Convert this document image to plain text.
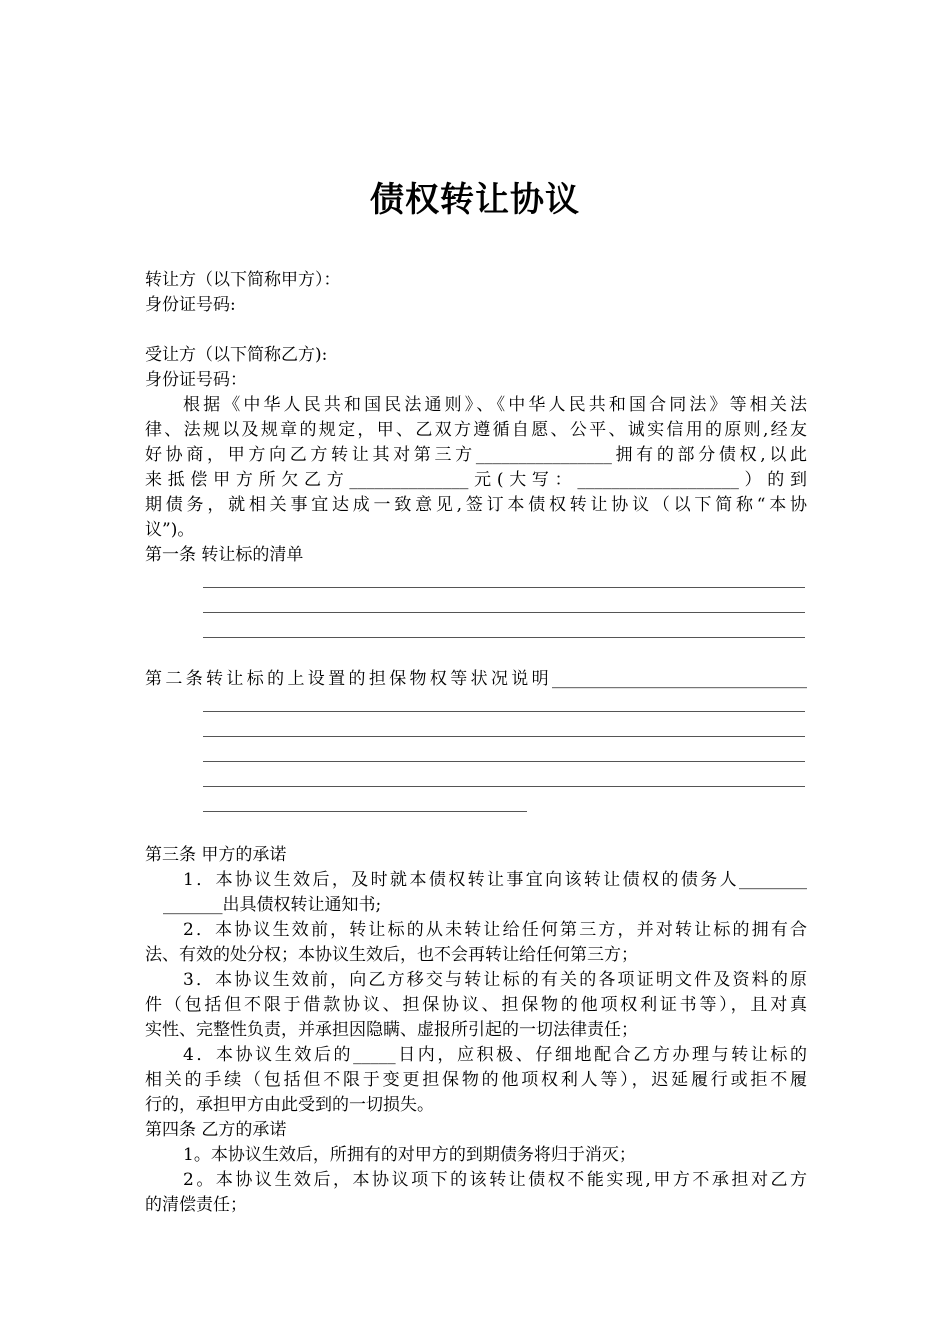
债权转让协议
转让方（以下简称甲方）：
身份证号码:
受让方（以下简称乙方):
身份证号码：
根据《中华人民共和国民法通则》、《中华人民共和国合同法》等相关法
律、法规以及规章的规定，甲、乙双方遵循自愿、公平、诚实信用的原则,经友
好协商，甲方向乙方转让其对第三方________________拥有的部分债权,以此
来抵偿甲方所欠乙方______________元(大写：___________________）的到
期债务，就相关事宜达成一致意见,签订本债权转让协议（以下简称“本协
议”)。
第一条 转让标的清单
第二条转让标的上设置的担保物权等状况说明______________________________
第三条 甲方的承诺
1．本协议生效后，及时就本债权转让事宜向该转让债权的债务人________
_______出具债权转让通知书;
2．本协议生效前，转让标的从未转让给任何第三方，并对转让标的拥有合
法、有效的处分权；本协议生效后，也不会再转让给任何第三方；
3．本协议生效前，向乙方移交与转让标的有关的各项证明文件及资料的原
件（包括但不限于借款协议、担保协议、担保物的他项权利证书等），且对真
实性、完整性负责，并承担因隐瞒、虚报所引起的一切法律责任；
4．本协议生效后的_____日内，应积极、仔细地配合乙方办理与转让标的
相关的手续（包括但不限于变更担保物的他项权利人等），迟延履行或拒不履
行的，承担甲方由此受到的一切损失。
第四条 乙方的承诺
1。本协议生效后，所拥有的对甲方的到期债务将归于消灭；
2。本协议生效后，本协议项下的该转让债权不能实现,甲方不承担对乙方
的清偿责任；
